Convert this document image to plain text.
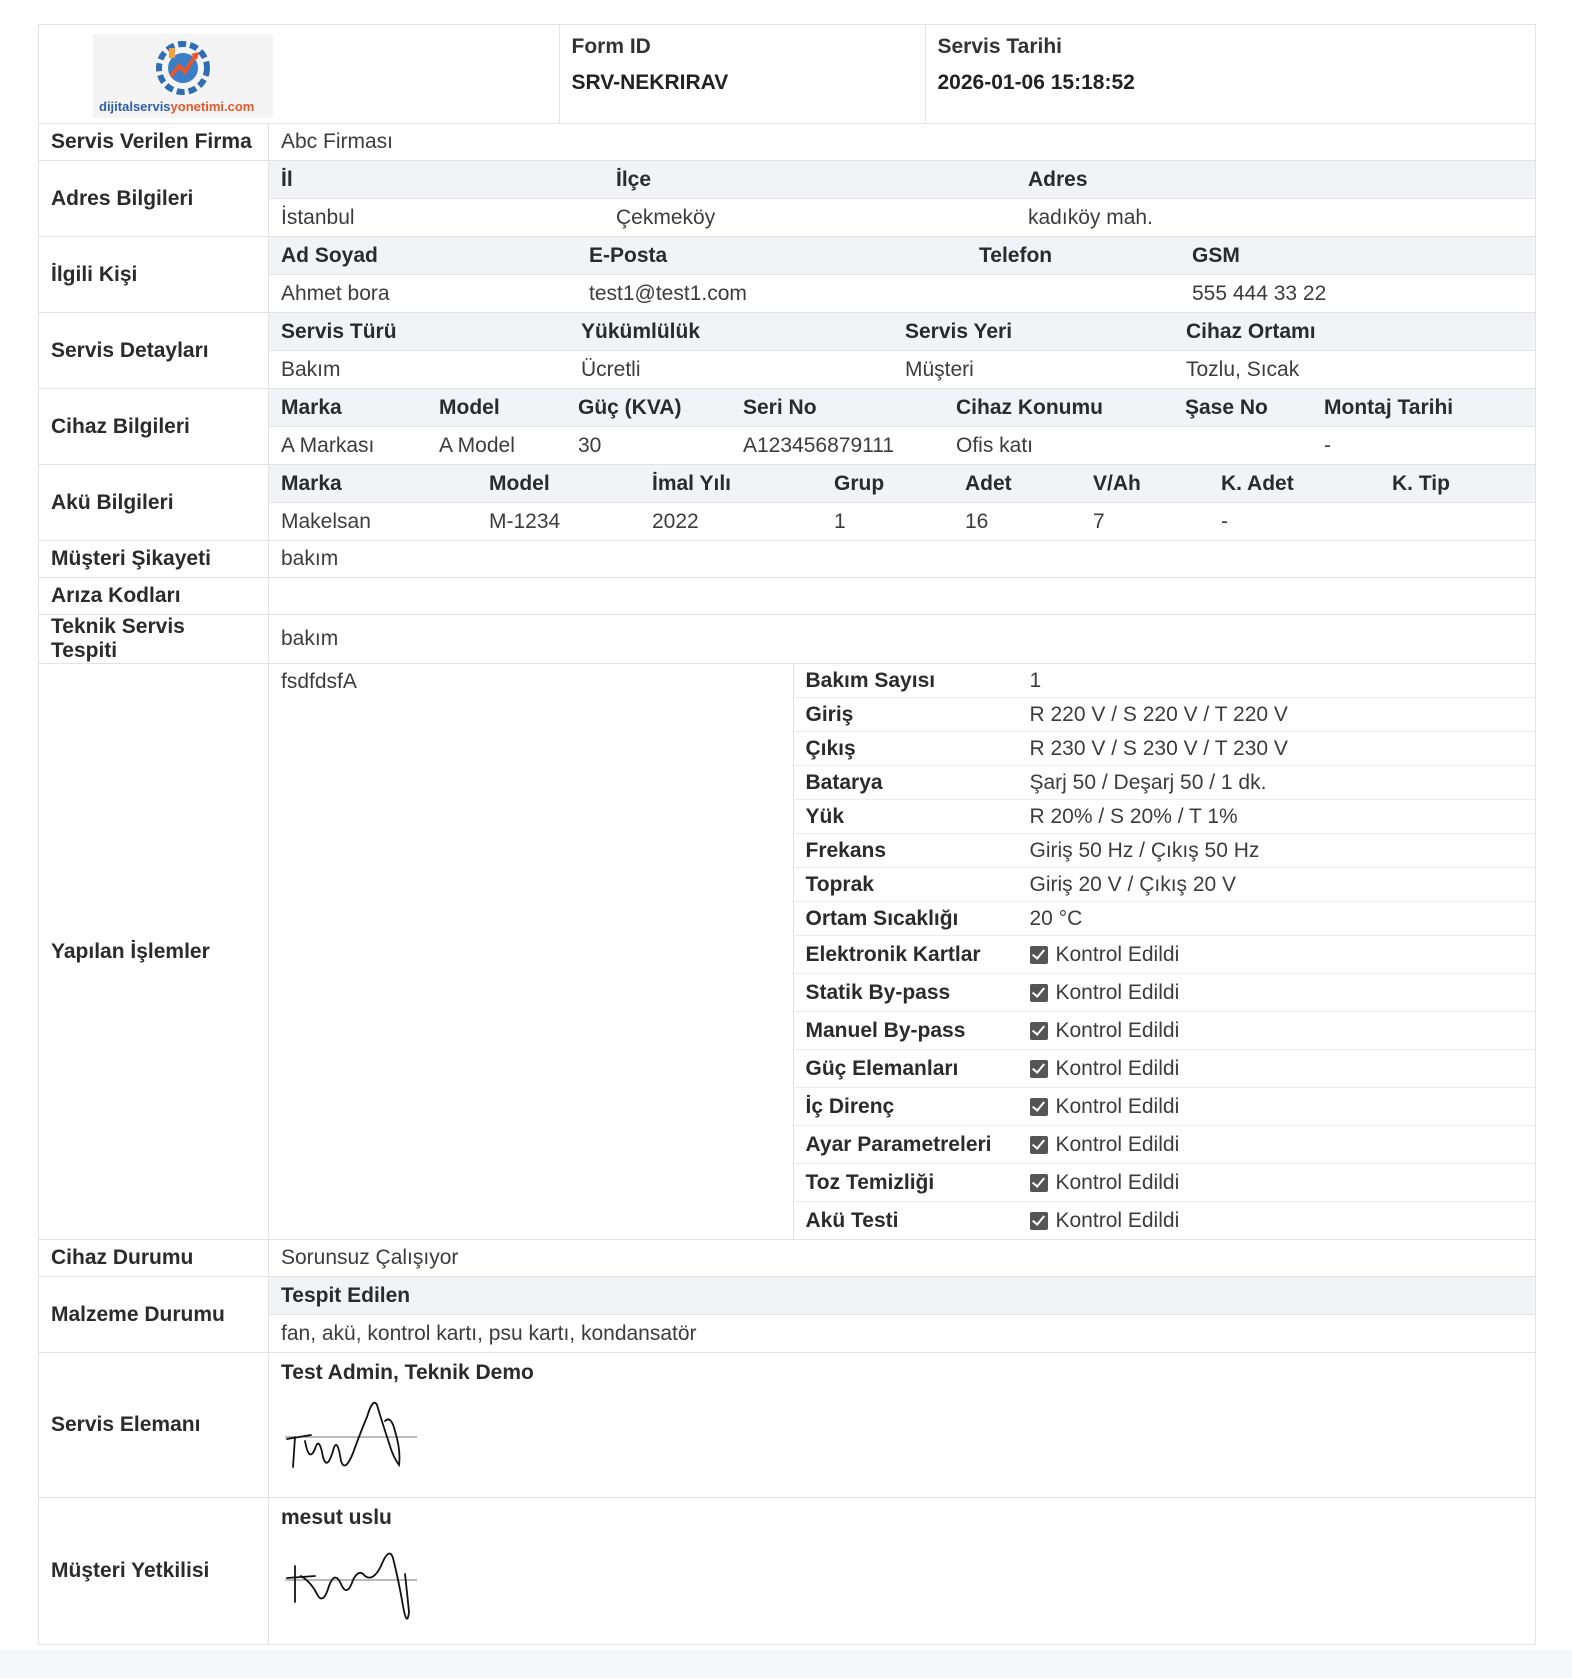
dijitalservisyonetimi.com

Form ID
SRV-NEKRIRAV

Servis Tarihi
2026-01-06 15:18:52

Servis Verilen Firma	Abc Firması
Adres Bilgileri	
İl	İlçe	Adres
İstanbul	Çekmeköy	kadıköy mah.

İlgili Kişi	
Ad Soyad	E-Posta	Telefon	GSM
Ahmet bora	test1@test1.com		555 444 33 22

Servis Detayları	
Servis Türü	Yükümlülük	Servis Yeri	Cihaz Ortamı
Bakım	Ücretli	Müşteri	Tozlu, Sıcak

Cihaz Bilgileri	
Marka	Model	Güç (KVA)	Seri No	Cihaz Konumu	Şase No	Montaj Tarihi
A Markası	A Model	30	A123456879111	Ofis katı		-

Akü Bilgileri	
Marka	Model	İmal Yılı	Grup	Adet	V/Ah	K. Adet	K. Tip
Makelsan	M-1234	2022	1	16	7	-	

Müşteri Şikayeti	bakım
Arıza Kodları	
Teknik Servis Tespiti	bakım
Yapılan İşlemler	
fsdfdsfA		Bakım Sayısı	1
Giriş	R 220 V / S 220 V / T 220 V
Çıkış	R 230 V / S 230 V / T 230 V
Batarya	Şarj 50 / Deşarj 50 / 1 dk.
Yük	R 20% / S 20% / T 1%
Frekans	Giriş 50 Hz / Çıkış 50 Hz
Toprak	Giriş 20 V / Çıkış 20 V
Ortam Sıcaklığı	20 °C
Elektronik Kartlar	Kontrol Edildi
Statik By-pass	Kontrol Edildi
Manuel By-pass	Kontrol Edildi
Güç Elemanları	Kontrol Edildi
İç Direnç	Kontrol Edildi
Ayar Parametreleri	Kontrol Edildi
Toz Temizliği	Kontrol Edildi
Akü Testi	Kontrol Edildi

Cihaz Durumu	Sorunsuz Çalışıyor
Malzeme Durumu	
Tespit Edilen
fan, akü, kontrol kartı, psu kartı, kondansatör

Servis Elemanı	
Test Admin, Teknik Demo

Müşteri Yetkilisi	
mesut uslu
